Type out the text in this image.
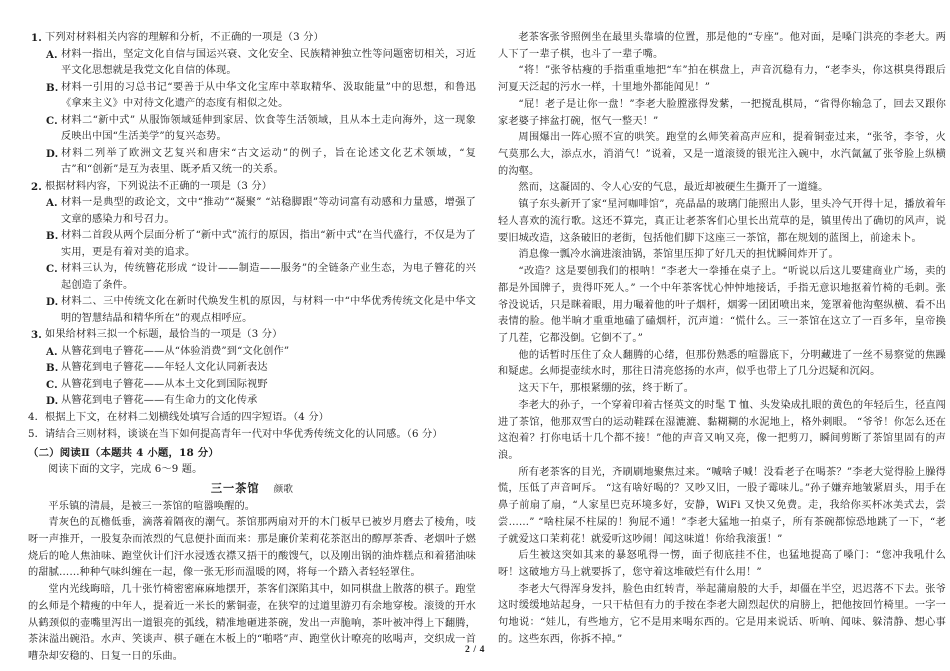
1. 下列对材料相关内容的理解和分析，不正确的一项是（3 分）
A. 材料一指出，坚定文化自信与国运兴衰、文化安全、民族精神独立性等问题密切相关，习近平文化思想就是我党文化自信的体现。
B. 材料一引用的习总书记“要善于从中华文化宝库中萃取精华、汲取能量”中的思想，和鲁迅《拿来主义》中对待文化遗产的态度有相似之处。
C. 材料二“新中式” 从服饰领域延伸到家居、饮食等生活领域，且从本土走向海外，这一现象反映出中国“生活美学”的复兴态势。
D. 材料二列举了欧洲文艺复兴和唐宋“古文运动”的例子，旨在论述文化艺术领域，“复古”和“创新”是互为表里、既矛盾又统一的关系。
2. 根据材料内容，下列说法不正确的一项是（3 分）
A. 材料一是典型的政论文，文中“推动”“凝聚” “站稳脚跟”等动词富有动感和力量感，增强了文章的感染力和号召力。
B. 材料二首段从两个层面分析了“新中式”流行的原因，指出“新中式”在当代盛行，不仅是为了实用，更是有着对美的追求。
C. 材料三认为，传统簪花形成 “设计——制造——服务”的全链条产业生态，为电子簪花的兴起创造了条件。
D. 材料二、三中传统文化在新时代焕发生机的原因，与材料一中“中华优秀传统文化是中华文明的智慧结晶和精华所在”的观点相呼应。
3. 如果给材料三拟一个标题，最恰当的一项是（3 分）
A. 从簪花到电子簪花——从“体验消费”到“文化创作”
B. 从簪花到电子簪花——年轻人文化认同新表达
C. 从簪花到电子簪花——从本土文化到国际视野
D. 从簪花到电子簪花——有生命力的文化传承

4．根据上下文，在材料二划横线处填写合适的四字短语。（4 分）

5．请结合三则材料，谈谈在当下如何提高青年一代对中华优秀传统文化的认同感。（6 分）

（二）阅读Ⅱ（本题共 4 小题，18 分）

阅读下面的文字，完成 6～9 题。

三一茶馆 颜歌

平乐镇的清晨，是被三一茶馆的喧嚣唤醒的。

青灰色的瓦檐低垂，滴落着隔夜的潮气。茶馆那两扇对开的木门板早已被岁月磨去了棱角，吱呀一声推开，一股复杂而浓烈的气息便扑面而来：那是廉价茉莉花茶沤出的醇厚茶香、老烟叶子燃烧后的呛人焦油味、跑堂伙计们汗水浸透衣襟又捂干的酸馊气，以及刚出锅的油炸糕点和着猪油味的甜腻……种种气味纠缠在一起，像一张无形而温暖的网，将每一个踏入者轻轻罩住。

堂内光线晦暗，几十张竹椅密密麻麻地摆开，茶客们深陷其中，如同棋盘上散落的棋子。跑堂的幺师是个精瘦的中年人，提着近一米长的紫铜壶，在狭窄的过道里游刃有余地穿梭。滚烫的开水从鹤颈似的壶嘴里泻出一道银亮的弧线，精准地砸进茶碗，发出一声脆响，茶叶被冲得上下翻腾，茶沫溢出碗沿。水声、笑谈声、棋子砸在木板上的“啪嗒”声、跑堂伙计嘹亮的吆喝声，交织成一首嘈杂却安稳的、日复一日的乐曲。

老茶客张爷照例坐在最里头靠墙的位置，那是他的“专座”。他对面，是嗓门洪亮的李老大。两人下了一辈子棋，也斗了一辈子嘴。

“将！”张爷枯瘦的手指重重地把“车”拍在棋盘上，声音沉稳有力，“老李头，你这棋臭得跟后河夏天泛起的污水一样，十里地外都能闻见！”

“屁！老子是让你一盘！”李老大脸膛涨得发紫，一把搅乱棋局，“省得你输急了，回去又跟你家老婆子摔盆打碗，怄气一整天！”

周围爆出一阵心照不宣的哄笑。跑堂的幺师笑着高声应和，提着铜壶过来，“张爷，李爷，火气莫那么大，添点水，消消气！”说着，又是一道滚烫的银光注入碗中，水汽氤氲了张爷脸上纵横的沟壑。

然而，这凝固的、令人心安的气息，最近却被硬生生撕开了一道缝。

镇子东头新开了家“星河咖啡馆”，亮晶晶的玻璃门能照出人影，里头冷气开得十足，播放着年轻人喜欢的流行歌。这还不算完，真正让老茶客们心里长出荒草的是，镇里传出了确切的风声，说要旧城改造，这条破旧的老街，包括他们脚下这座三一茶馆，都在规划的蓝图上，前途未卜。

消息像一瓢冷水滴进滚油锅，茶馆里压抑了好几天的担忧瞬间炸开了。

“改造？这是要刨我们的根呐！”李老大一拳捶在桌子上。“听说以后这儿要建商业广场，卖的都是外国牌子，贵得吓死人。” 一个中年茶客忧心忡忡地接话，手指无意识地抠着竹椅的毛刺。张爷没说话，只是眯着眼，用力嘬着他的叶子烟杆，烟雾一团团喷出来，笼罩着他沟壑纵横、看不出表情的脸。他半晌才重重地磕了磕烟杆，沉声道：“慌什么。三一茶馆在这立了一百多年，皇帝换了几茬，它都没倒。它倒不了。”

他的话暂时压住了众人翻腾的心绪，但那份熟悉的喧嚣底下，分明藏进了一丝不易察觉的焦躁和疑虑。幺师提壶续水时，那往日清亮悠扬的水声，似乎也带上了几分迟疑和沉闷。

这天下午，那根紧绷的弦，终于断了。

李老大的孙子，一个穿着印着古怪英文的时髦 T 恤、头发染成扎眼的黄色的年轻后生，径直闯进了茶馆，他那双雪白的运动鞋踩在湿漉漉、黏糊糊的水泥地上，格外刺眼。 “爷爷！你怎么还在这泡着？打你电话十几个都不接！”他的声音又响又亮，像一把剪刀，瞬间剪断了茶馆里固有的声浪。

所有老茶客的目光，齐刷刷地聚焦过来。“喊啥子喊！没看老子在喝茶？”李老大觉得脸上臊得慌，压低了声音呵斥。 “这有啥好喝的？又吵又旧，一股子霉味儿。”孙子嫌弃地皱紧眉头，用手在鼻子前扇了扇，“人家星巴克环境多好，安静，WiFi 又快又免费。走，我给你买杯冰美式去，尝尝……” “啥柱屎不柱屎的！狗屁不通！”李老大猛地一拍桌子，所有茶碗都惊恐地跳了一下，“老子就爱这口茉莉花！就爱听这吵闹！闻这味道！你给我滚蛋！”

后生被这突如其来的暴怒吼得一愣，面子彻底挂不住，也猛地提高了嗓门：“您冲我吼什么呀！这破地方马上就要拆了，您守着这堆破烂有什么用！”

李老大气得浑身发抖，脸色由红转青，举起蒲扇般的大手，却僵在半空，迟迟落不下去。张爷这时缓缓地站起身，一只干枯但有力的手按在李老大剧烈起伏的肩膀上，把他按回竹椅里。一字一句地说：“娃儿，有些地方，它不是用来喝东西的。它是用来说话、听响、闻味、躲清静、想心事的。这些东西，你拆不掉。”

2 / 4
